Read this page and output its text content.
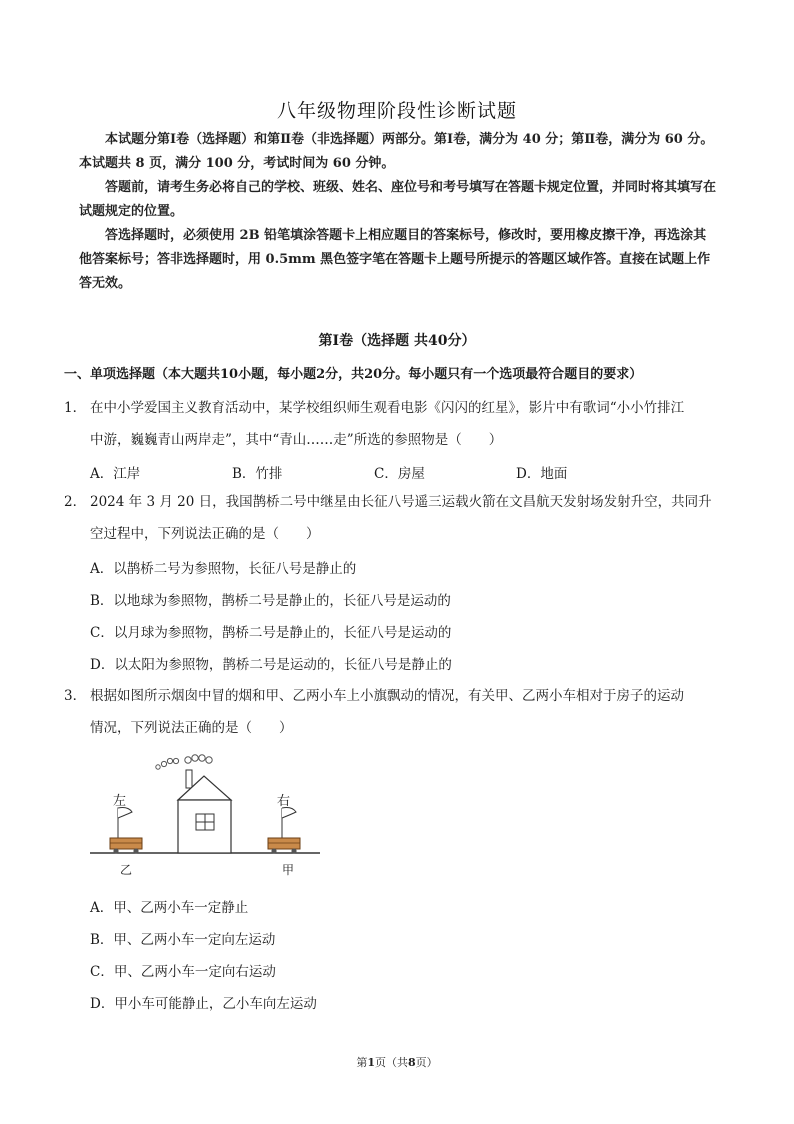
八年级物理阶段性诊断试题

本试题分第Ⅰ卷（选择题）和第Ⅱ卷（非选择题）两部分。第Ⅰ卷，满分为 40 分；第Ⅱ卷，满分为 60 分。本试题共 8 页，满分 100 分，考试时间为 60 分钟。

答题前，请考生务必将自己的学校、班级、姓名、座位号和考号填写在答题卡规定位置，并同时将其填写在试题规定的位置。

答选择题时，必须使用 2B 铅笔填涂答题卡上相应题目的答案标号，修改时，要用橡皮擦干净，再选涂其他答案标号；答非选择题时，用 0.5mm 黑色签字笔在答题卡上题号所提示的答题区域作答。直接在试题上作答无效。

第Ⅰ卷（选择题 共40分）
一、单项选择题（本大题共10小题，每小题2分，共20分。每小题只有一个选项最符合题目的要求）
1． 在中小学爱国主义教育活动中，某学校组织师生观看电影《闪闪的红星》，影片中有歌词“小小竹排江
中游，巍巍青山两岸走”，其中“青山……走”所选的参照物是（　　）
A．江岸	B．竹排	C．房屋	D．地面
2． 2024 年 3 月 20 日，我国鹊桥二号中继星由长征八号遥三运载火箭在文昌航天发射场发射升空，共同升
空过程中，下列说法正确的是（　　）
A．以鹊桥二号为参照物，长征八号是静止的
B．以地球为参照物，鹊桥二号是静止的，长征八号是运动的
C．以月球为参照物，鹊桥二号是静止的，长征八号是运动的
D．以太阳为参照物，鹊桥二号是运动的，长征八号是静止的
3． 根据如图所示烟囱中冒的烟和甲、乙两小车上小旗飘动的情况，有关甲、乙两小车相对于房子的运动
情况，下列说法正确的是（　　）
左	右
乙	甲
A．甲、乙两小车一定静止
B．甲、乙两小车一定向左运动
C．甲、乙两小车一定向右运动
D．甲小车可能静止，乙小车向左运动
第1页（共8页）
